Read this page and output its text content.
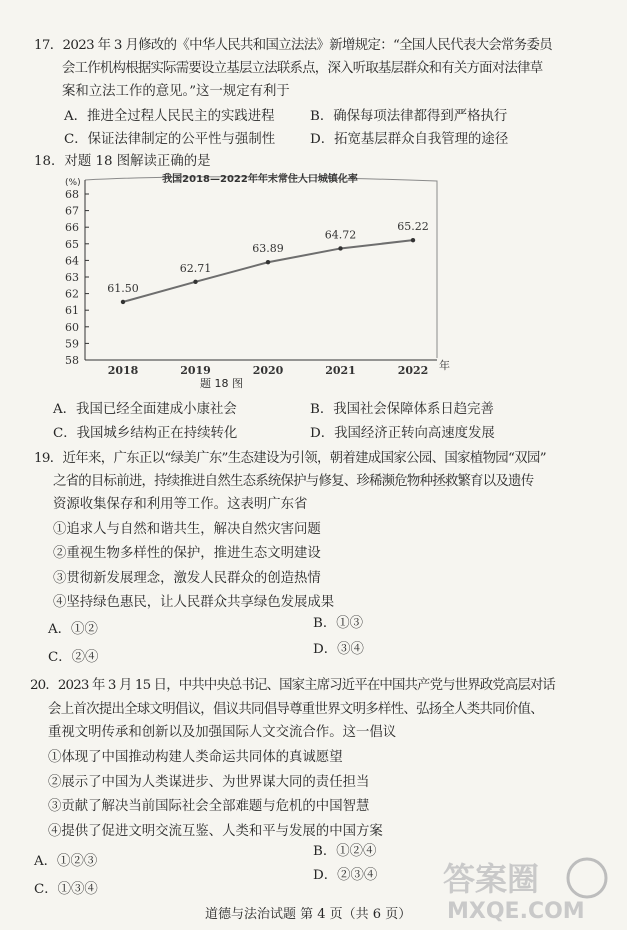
17．2023 年 3 月修改的《中华人民共和国立法法》新增规定：“全国人民代表大会常务委员
会工作机构根据实际需要设立基层立法联系点，深入听取基层群众和有关方面对法律草
案和立法工作的意见。”这一规定有利于
A．推进全过程人民民主的实践进程	B．确保每项法律都得到严格执行
C．保证法律制定的公平性与强制性	D．拓宽基层群众自我管理的途径
18．对题 18 图解读正确的是
我国2018—2022年年末常住人口城镇化率
(%)
年
58
59
60
61
62
63
64
65
66
67
68
2018	2019	2020	2021	2022
61.50
62.71
63.89
64.72
65.22
题 18 图
A．我国已经全面建成小康社会	B．我国社会保障体系日趋完善
C．我国城乡结构正在持续转化	D．我国经济正转向高速度发展
19．近年来，广东正以“绿美广东”生态建设为引领，朝着建成国家公园、国家植物园“双园”
之省的目标前进，持续推进自然生态系统保护与修复、珍稀濒危物种拯救繁育以及遗传
资源收集保存和利用等工作。这表明广东省
①追求人与自然和谐共生，解决自然灾害问题
②重视生物多样性的保护，推进生态文明建设
③贯彻新发展理念，激发人民群众的创造热情
④坚持绿色惠民，让人民群众共享绿色发展成果
A．①②	B．①③
C．②④
D．③④
20．2023 年 3 月 15 日，中共中央总书记、国家主席习近平在中国共产党与世界政党高层对话
会上首次提出全球文明倡议，倡议共同倡导尊重世界文明多样性、弘扬全人类共同价值、
重视文明传承和创新以及加强国际人文交流合作。这一倡议
①体现了中国推动构建人类命运共同体的真诚愿望
②展示了中国为人类谋进步、为世界谋大同的责任担当
③贡献了解决当前国际社会全部难题与危机的中国智慧
④提供了促进文明交流互鉴、人类和平与发展的中国方案
A．①②③
B．①②④
C．①③④
D．②③④
道德与法治试题 第 4 页（共 6 页）
答案圈
MXQE.COM
